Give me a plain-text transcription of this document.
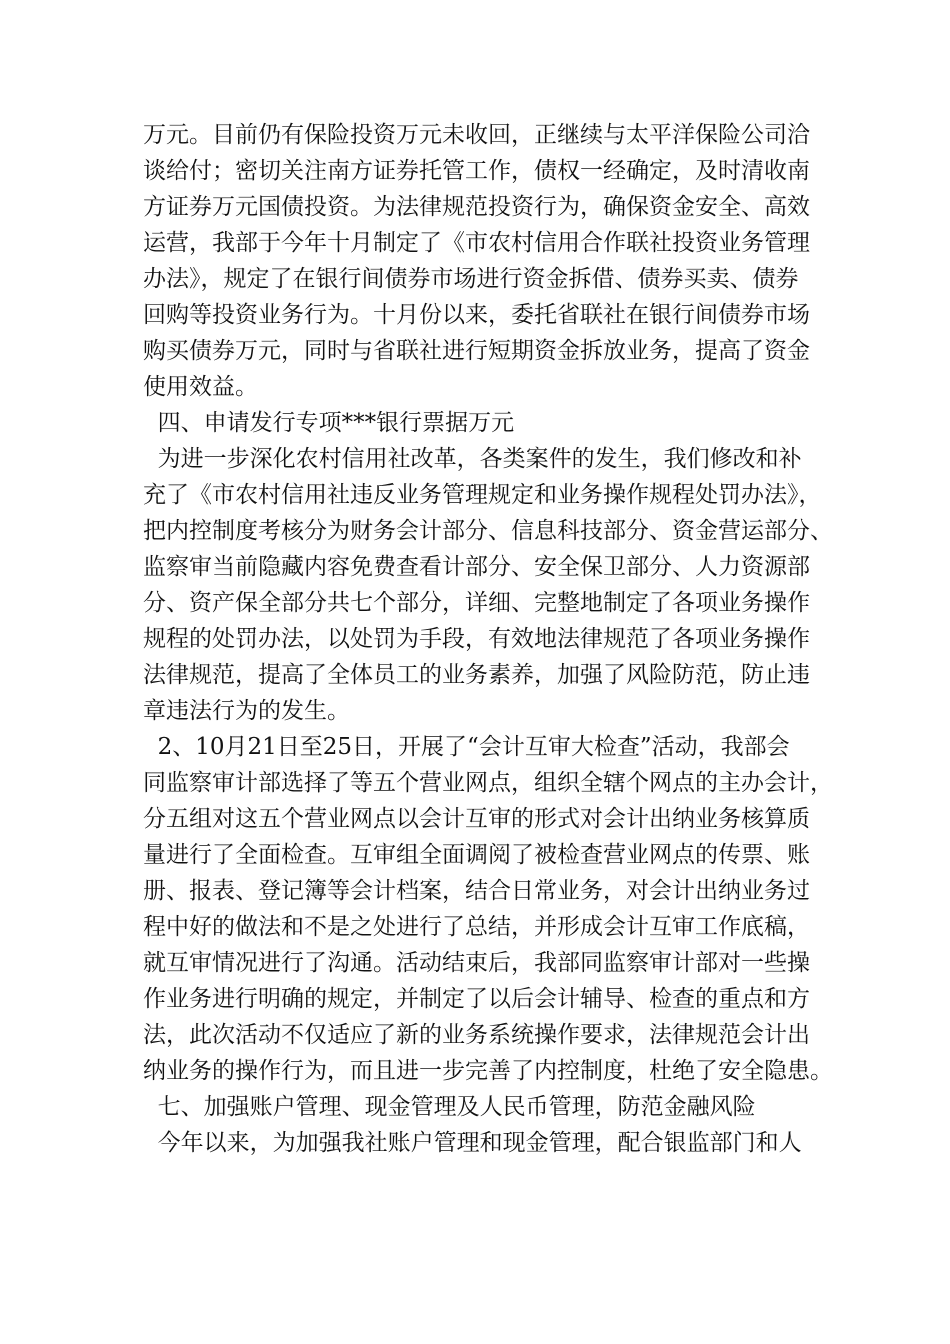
万元。目前仍有保险投资万元未收回，正继续与太平洋保险公司洽
谈给付；密切关注南方证券托管工作，债权一经确定，及时清收南
方证券万元国债投资。为法律规范投资行为，确保资金安全、高效
运营，我部于今年十月制定了《市农村信用合作联社投资业务管理
办法》，规定了在银行间债券市场进行资金拆借、债券买卖、债券
回购等投资业务行为。十月份以来，委托省联社在银行间债券市场
购买债券万元，同时与省联社进行短期资金拆放业务，提高了资金
使用效益。
四、申请发行专项***银行票据万元
为进一步深化农村信用社改革，各类案件的发生，我们修改和补
充了《市农村信用社违反业务管理规定和业务操作规程处罚办法》，
把内控制度考核分为财务会计部分、信息科技部分、资金营运部分、
监察审当前隐藏内容免费查看计部分、安全保卫部分、人力资源部
分、资产保全部分共七个部分，详细、完整地制定了各项业务操作
规程的处罚办法，以处罚为手段，有效地法律规范了各项业务操作
法律规范，提高了全体员工的业务素养，加强了风险防范，防止违
章违法行为的发生。
2、10月21日至25日，开展了“会计互审大检查”活动，我部会
同监察审计部选择了等五个营业网点，组织全辖个网点的主办会计，
分五组对这五个营业网点以会计互审的形式对会计出纳业务核算质
量进行了全面检查。互审组全面调阅了被检查营业网点的传票、账
册、报表、登记簿等会计档案，结合日常业务，对会计出纳业务过
程中好的做法和不是之处进行了总结，并形成会计互审工作底稿，
就互审情况进行了沟通。活动结束后，我部同监察审计部对一些操
作业务进行明确的规定，并制定了以后会计辅导、检查的重点和方
法，此次活动不仅适应了新的业务系统操作要求，法律规范会计出
纳业务的操作行为，而且进一步完善了内控制度，杜绝了安全隐患。
七、加强账户管理、现金管理及人民币管理，防范金融风险
今年以来，为加强我社账户管理和现金管理，配合银监部门和人
